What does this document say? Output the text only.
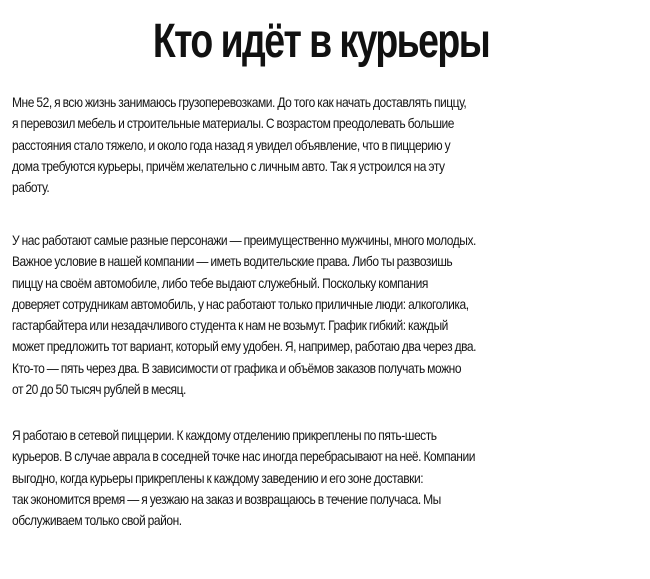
Кто идёт в курьеры
Мне 52, я всю жизнь занимаюсь грузоперевозками. До того как начать доставлять пиццу,
я перевозил мебель и строительные материалы. С возрастом преодолевать большие
расстояния стало тяжело, и около года назад я увидел объявление, что в пиццерию у
дома требуются курьеры, причём желательно с личным авто. Так я устроился на эту
работу.
У нас работают самые разные персонажи — преимущественно мужчины, много молодых.
Важное условие в нашей компании — иметь водительские права. Либо ты развозишь
пиццу на своём автомобиле, либо тебе выдают служебный. Поскольку компания
доверяет сотрудникам автомобиль, у нас работают только приличные люди: алкоголика,
гастарбайтера или незадачливого студента к нам не возьмут. График гибкий: каждый
может предложить тот вариант, который ему удобен. Я, например, работаю два через два.
Кто-то — пять через два. В зависимости от графика и объёмов заказов получать можно
от 20 до 50 тысяч рублей в месяц.
Я работаю в сетевой пиццерии. К каждому отделению прикреплены по пять-шесть
курьеров. В случае аврала в соседней точке нас иногда перебрасывают на неё. Компании
выгодно, когда курьеры прикреплены к каждому заведению и его зоне доставки:
так экономится время — я уезжаю на заказ и возвращаюсь в течение получаса. Мы
обслуживаем только свой район.
